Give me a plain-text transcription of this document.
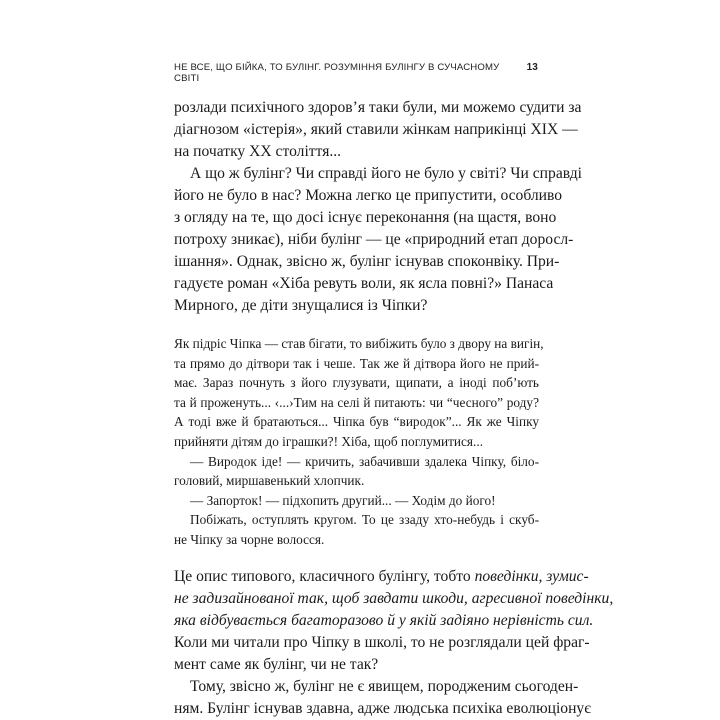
НЕ ВСЕ, ЩО БІЙКА, ТО БУЛІНГ. РОЗУМІННЯ БУЛІНГУ В СУЧАСНОМУ СВІТІ
13

розлади психічного здоров’я таки були, ми можемо судити за
діагнозом «істерія», який ставили жінкам наприкінці XIX —
на початку XX століття...

А що ж булінг? Чи справді його не було у світі? Чи справді
його не було в нас? Можна легко це припустити, особливо
з огляду на те, що досі існує переконання (на щастя, воно
потроху зникає), ніби булінг — це «природний етап доросл-
ішання». Однак, звісно ж, булінг існував споконвіку. При-
гадуєте роман «Хіба ревуть воли, як ясла повні?» Панаса
Мирного, де діти знущалися із Чіпки?

Як підріс Чіпка — став бігати, то вибіжить було з двору на вигін,
та прямо до дітвори так і чеше. Так же й дітвора його не прий-
має. Зараз почнуть з його глузувати, щипати, а іноді поб’ють
та й проженуть... ‹...›Тим на селі й питають: чи “чесного” роду?
А тоді вже й братаються... Чіпка був “виродок”... Як же Чіпку
прийняти дітям до іграшки?! Хіба, щоб поглумитися...
— Виродок іде! — кричить, забачивши здалека Чіпку, біло-
головий, миршавенький хлопчик.
— Запорток! — підхопить другий... — Ходім до його!
Побіжать, оступлять кругом. То це ззаду хто-небудь і скуб-
не Чіпку за чорне волосся.

Це опис типового, класичного булінгу, тобто поведінки, зумис-
не задизайнованої так, щоб завдати шкоди, агресивної поведінки,
яка відбувається багаторазово й у якій задіяно нерівність сил.
Коли ми читали про Чіпку в школі, то не розглядали цей фраг-
мент саме як булінг, чи не так?

Тому, звісно ж, булінг не є явищем, породженим сьогоден-
ням. Булінг існував здавна, адже людська психіка еволюціонує
